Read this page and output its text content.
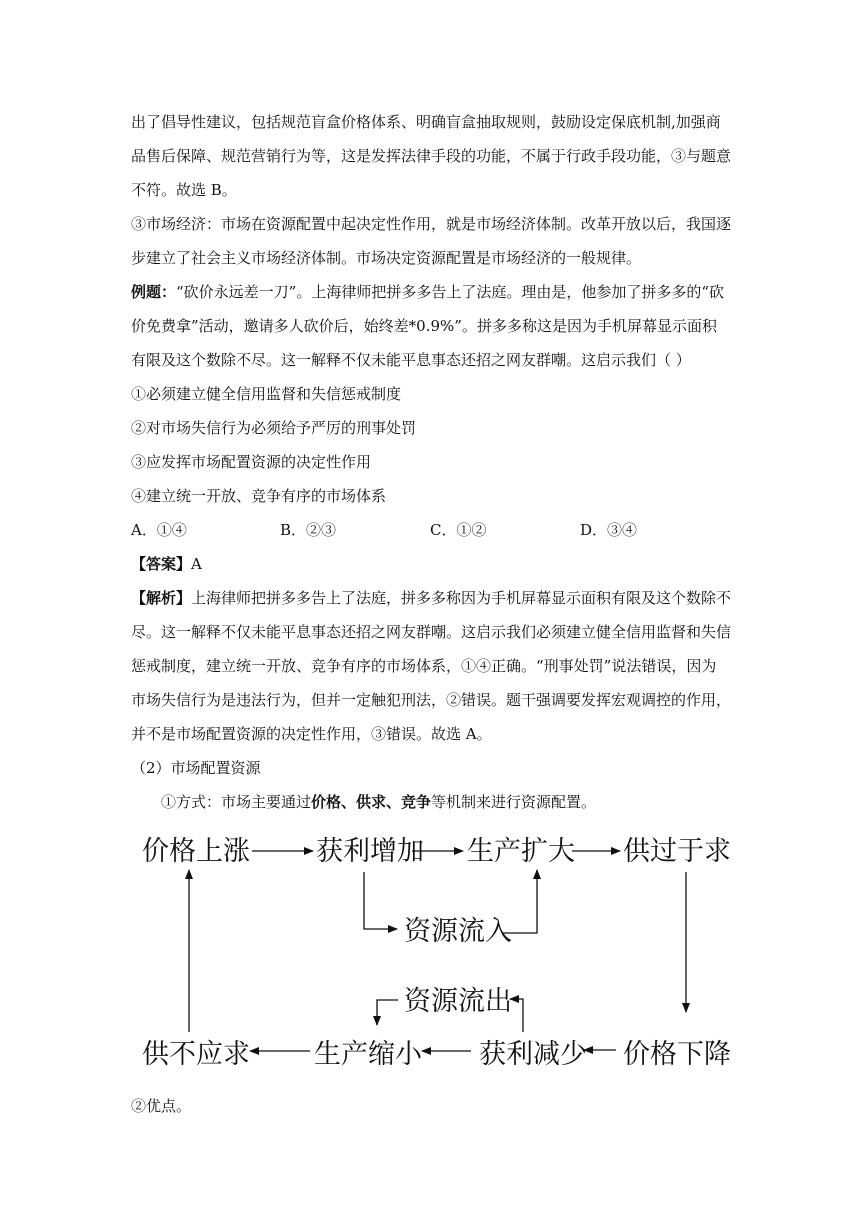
出了倡导性建议，包括规范盲盒价格体系、明确盲盒抽取规则，鼓励设定保底机制,加强商
品售后保障、规范营销行为等，这是发挥法律手段的功能，不属于行政手段功能，③与题意
不符。故选 B。
③市场经济：市场在资源配置中起决定性作用，就是市场经济体制。改革开放以后，我国逐
步建立了社会主义市场经济体制。市场决定资源配置是市场经济的一般规律。
例题：“砍价永远差一刀”。上海律师把拼多多告上了法庭。理由是，他参加了拼多多的“砍
价免费拿”活动，邀请多人砍价后，始终差*0.9%”。拼多多称这是因为手机屏幕显示面积
有限及这个数除不尽。这一解释不仅未能平息事态还招之网友群嘲。这启示我们（ ）
①必须建立健全信用监督和失信惩戒制度
②对市场失信行为必须给予严厉的刑事处罚
③应发挥市场配置资源的决定性作用
④建立统一开放、竞争有序的市场体系
A．①④	B．②③	C．①②	D．③④
【答案】A
【解析】上海律师把拼多多告上了法庭，拼多多称因为手机屏幕显示面积有限及这个数除不
尽。这一解释不仅未能平息事态还招之网友群嘲。这启示我们必须建立健全信用监督和失信
惩戒制度，建立统一开放、竞争有序的市场体系，①④正确。“刑事处罚”说法错误，因为
市场失信行为是违法行为，但并一定触犯刑法，②错误。题干强调要发挥宏观调控的作用，
并不是市场配置资源的决定性作用，③错误。故选 A。
（2）市场配置资源
①方式：市场主要通过价格、供求、竞争等机制来进行资源配置。
价格上涨 获利增加 生产扩大 供过于求
资源流入
资源流出
供不应求 生产缩小 获利减少 价格下降
②优点。
